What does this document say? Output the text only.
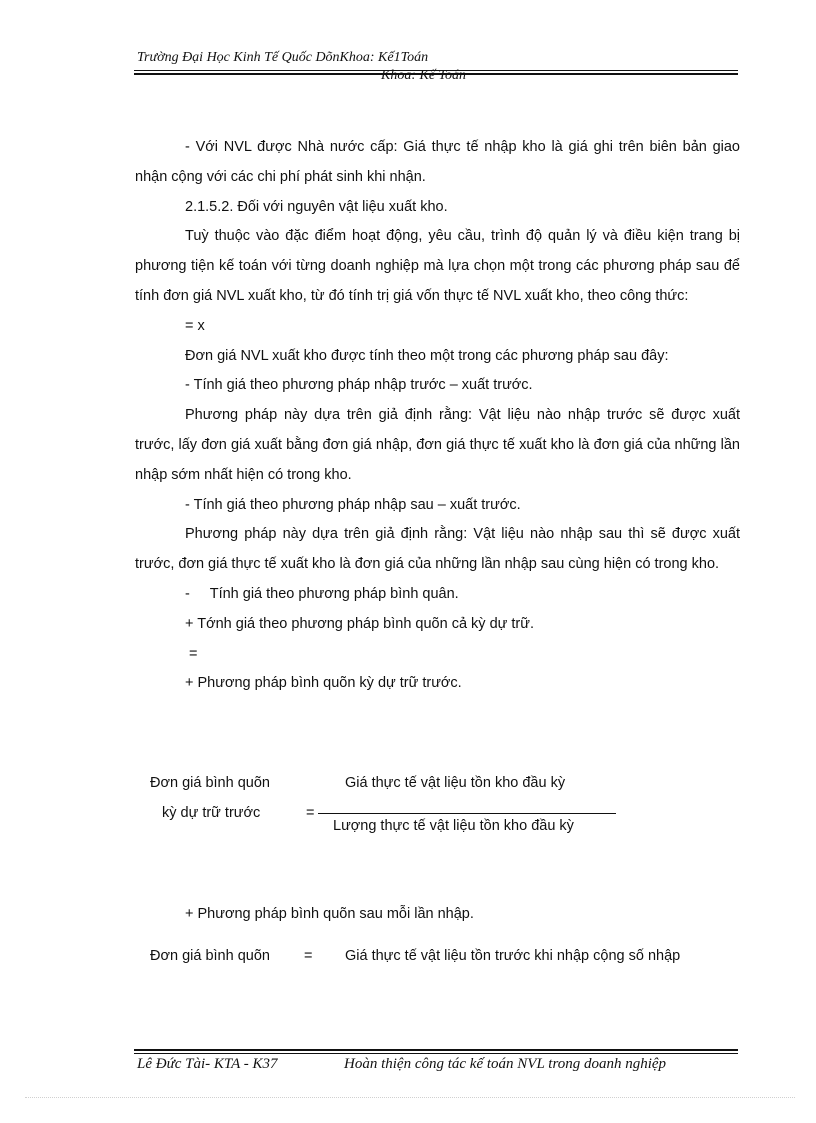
Trường Đại Học Kinh Tế Quốc DõnKhoa: Kế1Toán
Khoa: Kế Toán

- Với NVL được Nhà nước cấp: Giá thực tế nhập kho là giá ghi trên biên bản giao nhận cộng với các chi phí phát sinh khi nhận.

2.1.5.2. Đối với nguyên vật liệu xuất kho.

Tuỳ thuộc vào đặc điểm hoạt động, yêu cầu, trình độ quản lý và điều kiện trang bị phương tiện kế toán với từng doanh nghiệp mà lựa chọn một trong các phương pháp sau để tính đơn giá NVL xuất kho, từ đó tính trị giá vốn thực tế NVL xuất kho, theo công thức:

= x

Đơn giá NVL xuất kho được tính theo một trong các phương pháp sau đây:

- Tính giá theo phương pháp nhập trước – xuất trước.

Phương pháp này dựa trên giả định rằng: Vật liệu nào nhập trước sẽ được xuất trước, lấy đơn giá xuất bằng đơn giá nhập, đơn giá thực tế xuất kho là đơn giá của những lần nhập sớm nhất hiện có trong kho.

- Tính giá theo phương pháp nhập sau – xuất trước.

Phương pháp này dựa trên giả định rằng: Vật liệu nào nhập sau thì sẽ được xuất trước, đơn giá thực tế xuất kho là đơn giá của những lần nhập sau cùng hiện có trong kho.

-     Tính giá theo phương pháp bình quân.

+ Tớnh giá theo phương pháp bình quõn cả kỳ dự trữ.

=

+ Phương pháp bình quõn kỳ dự trữ trước.

Đơn giá bình quõn
kỳ dự trữ trước	=
Giá thực tế vật liệu tồn kho đầu kỳ
Lượng thực tế vật liệu tồn kho đầu kỳ
+ Phương pháp bình quõn sau mỗi lần nhập.
Đơn giá bình quõn = Giá thực tế vật liệu tồn trước khi nhập cộng số nhập
Lê Đức Tài- KTA - K37	Hoàn thiện công tác kế toán NVL trong doanh nghiệp
